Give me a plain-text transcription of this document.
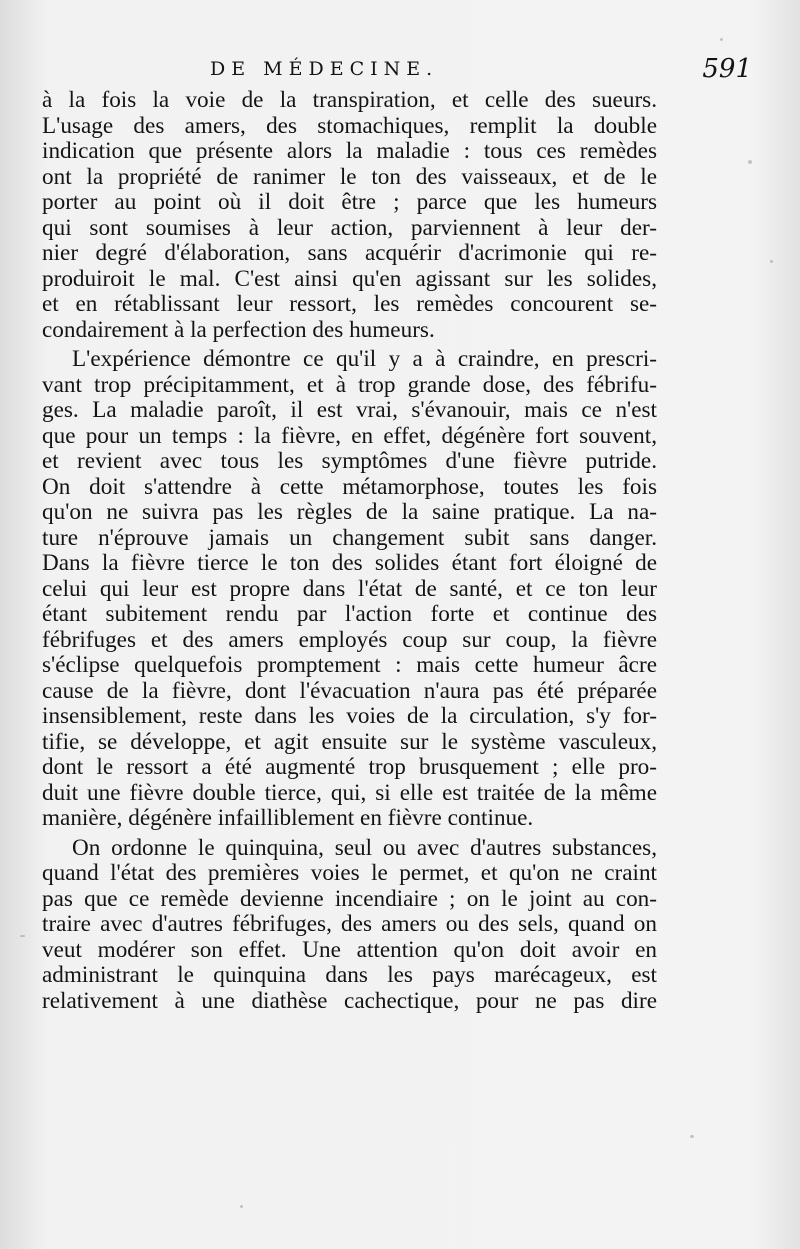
DE MÉDECINE.	591
à la fois la voie de la transpiration, et celle des sueurs.
L'usage des amers, des stomachiques, remplit la double
indication que présente alors la maladie : tous ces remèdes
ont la propriété de ranimer le ton des vaisseaux, et de le
porter au point où il doit être ; parce que les humeurs
qui sont soumises à leur action, parviennent à leur der-
nier degré d'élaboration, sans acquérir d'acrimonie qui re-
produiroit le mal. C'est ainsi qu'en agissant sur les solides,
et en rétablissant leur ressort, les remèdes concourent se-
condairement à la perfection des humeurs.
L'expérience démontre ce qu'il y a à craindre, en prescri-
vant trop précipitamment, et à trop grande dose, des fébrifu-
ges. La maladie paroît, il est vrai, s'évanouir, mais ce n'est
que pour un temps : la fièvre, en effet, dégénère fort souvent,
et revient avec tous les symptômes d'une fièvre putride.
On doit s'attendre à cette métamorphose, toutes les fois
qu'on ne suivra pas les règles de la saine pratique. La na-
ture n'éprouve jamais un changement subit sans danger.
Dans la fièvre tierce le ton des solides étant fort éloigné de
celui qui leur est propre dans l'état de santé, et ce ton leur
étant subitement rendu par l'action forte et continue des
fébrifuges et des amers employés coup sur coup, la fièvre
s'éclipse quelquefois promptement : mais cette humeur âcre
cause de la fièvre, dont l'évacuation n'aura pas été préparée
insensiblement, reste dans les voies de la circulation, s'y for-
tifie, se développe, et agit ensuite sur le système vasculeux,
dont le ressort a été augmenté trop brusquement ; elle pro-
duit une fièvre double tierce, qui, si elle est traitée de la même
manière, dégénère infailliblement en fièvre continue.
On ordonne le quinquina, seul ou avec d'autres substances,
quand l'état des premières voies le permet, et qu'on ne craint
pas que ce remède devienne incendiaire ; on le joint au con-
traire avec d'autres fébrifuges, des amers ou des sels, quand on
veut modérer son effet. Une attention qu'on doit avoir en
administrant le quinquina dans les pays marécageux, est
relativement à une diathèse cachectique, pour ne pas dire
